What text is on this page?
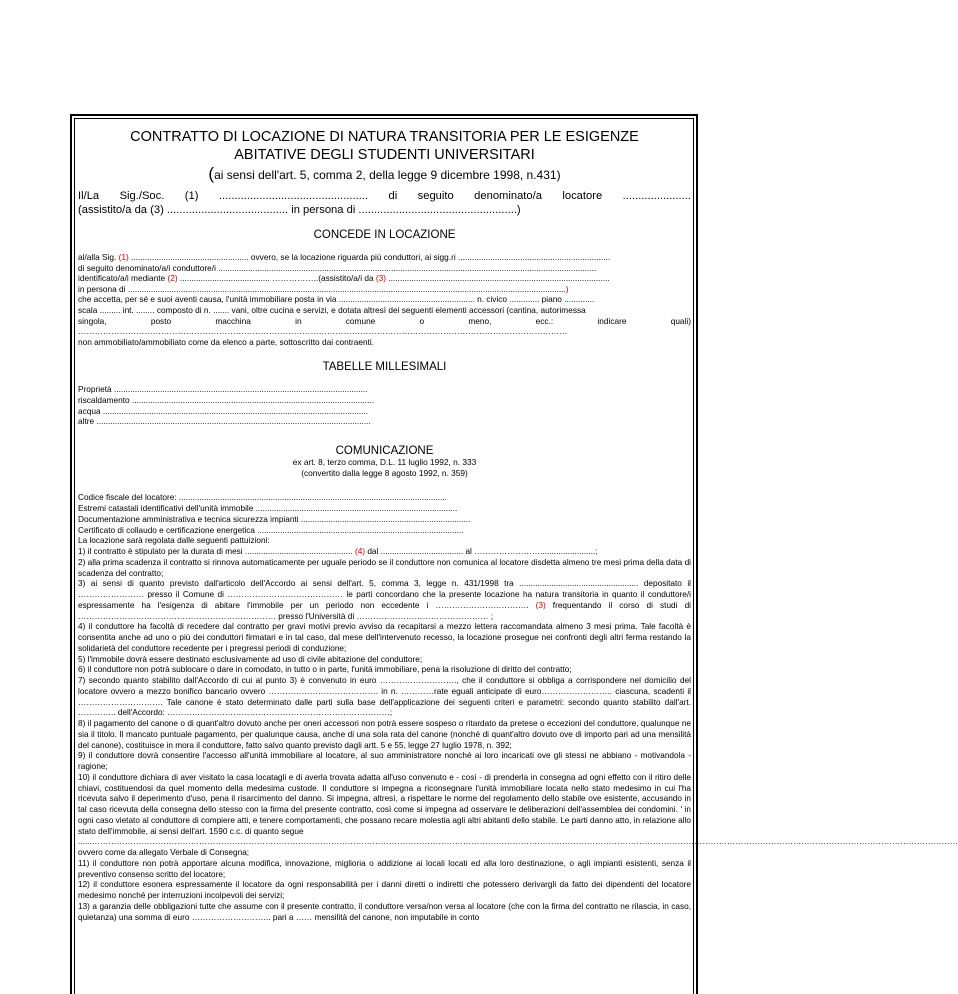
CONTRATTO DI LOCAZIONE DI NATURA TRANSITORIA PER LE ESIGENZE

ABITATIVE DEGLI STUDENTI UNIVERSITARI

(ai sensi dell'art. 5, comma 2, della legge 9 dicembre 1998, n.431)

Il/La Sig./Soc. (1) ................................................ di seguito denominato/a locatore ......................

(assistito/a da (3) ....................................... in persona di ...................................................)

CONCEDE IN LOCAZIONE

al/alla Sig. (1) ................................................... ovvero, se la locazione riguarda più conduttori, ai sigg.ri ..................................................................

di seguito denominato/a/i conduttore/i ....................................................................................................................................................................

identificato/a/i mediante (2) ....................................... ……………..(assistito/a/i da (3) ................................................................................................

in persona di ..............................................................................................................................................................................................)

che accetta, per sé e suoi aventi causa, l'unità immobiliare posta in via ........................................................... n. civico ............. piano .............

scala ......... int. ........ composto di n. ....... vani, oltre cucina e servizi, e dotata altresì dei seguenti elementi accessori (cantina, autorimessa

singola, posto macchina in comune o meno, ecc.: indicare quali)

……………………………………………………………………………………………………………………………………………………………

non ammobiliato/ammobiliato come da elenco a parte, sottoscritto dai contraenti.

TABELLE MILLESIMALI

Proprietà ..............................................................................................................

riscaldamento .........................................................................................................

acqua ...................................................................................................................

altre .......................................................................................................................

COMUNICAZIONE

ex art. 8, terzo comma, D.L. 11 luglio 1992, n. 333

(convertito dalla legge 8 agosto 1992, n. 359)

Codice fiscale del locatore: .....................................................................................................................

Estremi catastali identificativi dell'unità immobile ........................................................................................

Documentazione amministrativa e tecnica sicurezza impianti ..........................................................................

Certificato di collaudo e certificazione energetica ..........................................................................................

La locazione sarà regolata dalle seguenti pattuizioni:

1) il contratto è stipulato per la durata di mesi ............................................... (4) dal .................................... al ……………………........................;

2) alla prima scadenza il contratto si rinnova automaticamente per uguale periodo se il conduttore non comunica al locatore disdetta almeno tre mesi prima della data di scadenza del contratto;

3) ai sensi di quanto previsto dall'articolo dell'Accordo ai sensi dell'art. 5, comma 3, legge n. 431/1998 tra .................................................... depositato il …………………… presso il Comune di …………………………………… le parti concordano che la presente locazione ha natura transitoria in quanto il conduttore/i espressamente ha l'esigenza di abitare l'immobile per un periodo non eccedente i ……………………………. (3) frequentando il corso di studi di ……………………………………………………………… presso l'Università di ………………………………………… ;

4) il conduttore ha facoltà di recedere dal contratto per gravi motivi previo avviso da recapitarsi a mezzo lettera raccomandata almeno 3 mesi prima. Tale facoltà è consentita anche ad uno o più dei conduttori firmatari e in tal caso, dal mese dell'intervenuto recesso, la locazione prosegue nei confronti degli altri ferma restando la solidarietà del conduttore recedente per i pregressi periodi di conduzione;

5) l'immobile dovrà essere destinato esclusivamente ad uso di civile abitazione del conduttore;

6) il conduttore non potrà sublocare o dare in comodato, in tutto o in parte, l'unità immobiliare, pena la risoluzione di diritto del contratto;

7) secondo quanto stabilito dall'Accordo di cui al punto 3) è convenuto in euro ………………………., che il conduttore si obbliga a corrispondere nel domicilio del locatore ovvero a mezzo bonifico bancario ovvero …………………………………. in n. …………rate eguali anticipate di euro…………………….. ciascuna, scadenti il …………………………. Tale canone è stato determinato dalle parti sulla base dell'applicazione dei seguenti criteri e parametri: secondo quanto stabilito dall'art. ………….. dell'Accordo: ………………………………………………………………………;

8) il pagamento del canone o di quant'altro dovuto anche per oneri accessori non potrà essere sospeso o ritardato da pretese o eccezioni del conduttore, qualunque ne sia il titolo. Il mancato puntuale pagamento, per qualunque causa, anche di una sola rata del canone (nonché di quant'altro dovuto ove di importo pari ad una mensilità del canone), costituisce in mora il conduttore, fatto salvo quanto previsto dagli artt. 5 e 55, legge 27 luglio 1978, n. 392;

9) il conduttore dovrà consentire l'accesso all'unità immobiliare al locatore, al suo amministratore nonché ai loro incaricati ove gli stessi ne abbiano - motivandola - ragione;

10) il conduttore dichiara di aver visitato la casa locatagli e di averla trovata adatta all'uso convenuto e - così - di prenderla in consegna ad ogni effetto con il ritiro delle chiavi, costituendosi da quel momento della medesima custode. Il conduttore si impegna a riconsegnare l'unità immobiliare locata nello stato medesimo in cui l'ha ricevuta salvo il deperimento d'uso, pena il risarcimento del danno. Si impegna, altresì, a rispettare le norme del regolamento dello stabile ove esistente, accusando in tal caso ricevuta della consegna dello stesso con la firma del presente contratto, così come si impegna ad osservare le deliberazioni dell'assemblea dei condomini. ' in ogni caso vietato al conduttore di compiere atti, e tenere comportamenti, che possano recare molestia agli altri abitanti dello stabile. Le parti danno atto, in relazione allo stato dell'immobile, ai sensi dell'art. 1590 c.c. di quanto segue

......……………………………………………………………………………………………………………………………………………………………………………………………………………………………………………………………………………………… ovvero come da allegato Verbale di Consegna;

11) il conduttore non potrà apportare alcuna modifica, innovazione, miglioria o addizione ai locali locati ed alla loro destinazione, o agli impianti esistenti, senza il preventivo consenso scritto del locatore;

12) il conduttore esonera espressamente il locatore da ogni responsabilità per i danni diretti o indiretti che potessero derivargli da fatto dei dipendenti del locatore medesimo nonché per interruzioni incolpevoli dei servizi;

13) a garanzia delle obbligazioni tutte che assume con il presente contratto, il conduttore versa/non versa al locatore (che con la firma del contratto ne rilascia, in caso, quietanza) una somma di euro ……………………….. pari a …… mensilità del canone, non imputabile in conto
